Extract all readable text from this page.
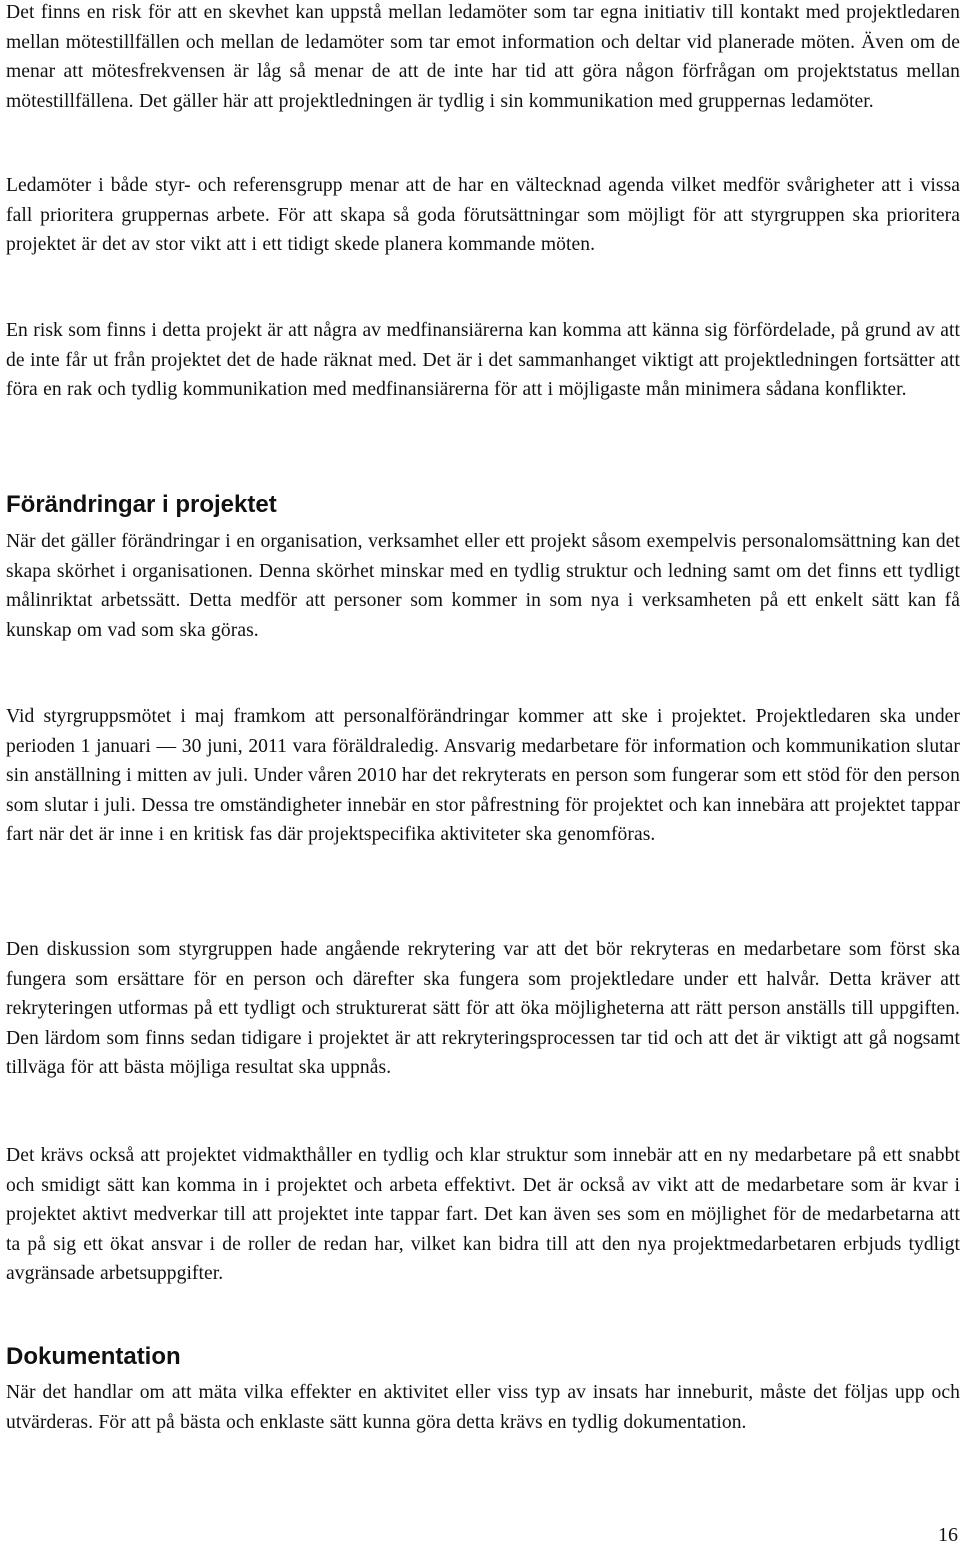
Det finns en risk för att en skevhet kan uppstå mellan ledamöter som tar egna initiativ till kontakt med projektledaren mellan mötestillfällen och mellan de ledamöter som tar emot information och deltar vid planerade möten. Även om de menar att mötesfrekvensen är låg så menar de att de inte har tid att göra någon förfrågan om projektstatus mellan mötestillfällena. Det gäller här att projektledningen är tydlig i sin kommunikation med gruppernas ledamöter.

Ledamöter i både styr- och referensgrupp menar att de har en vältecknad agenda vilket medför svårigheter att i vissa fall prioritera gruppernas arbete. För att skapa så goda förutsättningar som möjligt för att styrgruppen ska prioritera projektet är det av stor vikt att i ett tidigt skede planera kommande möten.

En risk som finns i detta projekt är att några av medfinansiärerna kan komma att känna sig förfördelade, på grund av att de inte får ut från projektet det de hade räknat med. Det är i det sammanhanget viktigt att projektledningen fortsätter att föra en rak och tydlig kommunikation med medfinansiärerna för att i möjligaste mån minimera sådana konflikter.

Förändringar i projektet

När det gäller förändringar i en organisation, verksamhet eller ett projekt såsom exempelvis personalomsättning kan det skapa skörhet i organisationen. Denna skörhet minskar med en tydlig struktur och ledning samt om det finns ett tydligt målinriktat arbetssätt. Detta medför att personer som kommer in som nya i verksamheten på ett enkelt sätt kan få kunskap om vad som ska göras.

Vid styrgruppsmötet i maj framkom att personalförändringar kommer att ske i projektet. Projektledaren ska under perioden 1 januari — 30 juni, 2011 vara föräldraledig. Ansvarig medarbetare för information och kommunikation slutar sin anställning i mitten av juli. Under våren 2010 har det rekryterats en person som fungerar som ett stöd för den person som slutar i juli. Dessa tre omständigheter innebär en stor påfrestning för projektet och kan innebära att projektet tappar fart när det är inne i en kritisk fas där projektspecifika aktiviteter ska genomföras.

Den diskussion som styrgruppen hade angående rekrytering var att det bör rekryteras en medarbetare som först ska fungera som ersättare för en person och därefter ska fungera som projektledare under ett halvår. Detta kräver att rekryteringen utformas på ett tydligt och strukturerat sätt för att öka möjligheterna att rätt person anställs till uppgiften. Den lärdom som finns sedan tidigare i projektet är att rekryteringsprocessen tar tid och att det är viktigt att gå nogsamt tillväga för att bästa möjliga resultat ska uppnås.

Det krävs också att projektet vidmakthåller en tydlig och klar struktur som innebär att en ny medarbetare på ett snabbt och smidigt sätt kan komma in i projektet och arbeta effektivt. Det är också av vikt att de medarbetare som är kvar i projektet aktivt medverkar till att projektet inte tappar fart. Det kan även ses som en möjlighet för de medarbetarna att ta på sig ett ökat ansvar i de roller de redan har, vilket kan bidra till att den nya projektmedarbetaren erbjuds tydligt avgränsade arbetsuppgifter.

Dokumentation

När det handlar om att mäta vilka effekter en aktivitet eller viss typ av insats har inneburit, måste det följas upp och utvärderas. För att på bästa och enklaste sätt kunna göra detta krävs en tydlig dokumentation.

16
